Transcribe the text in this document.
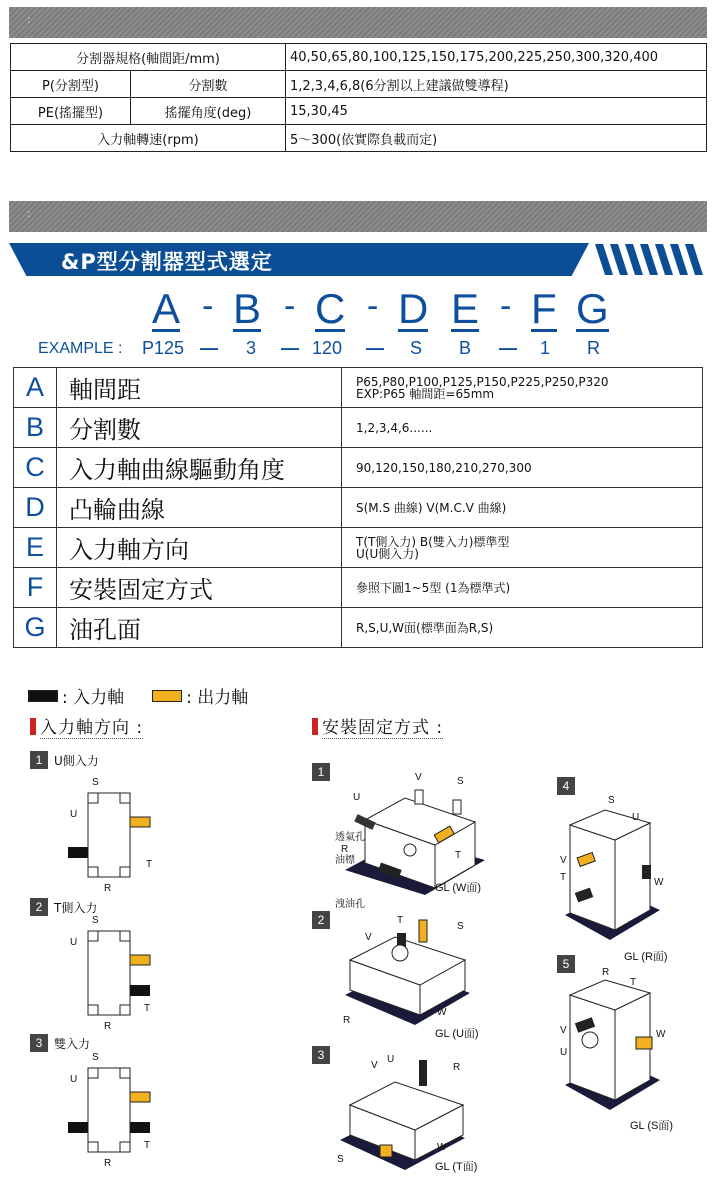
:
分割器規格(軸間距/mm)		40,50,65,80,100,125,150,175,200,225,250,300,320,400
P(分割型)	分割數	1,2,3,4,6,8(6分割以上建議做雙導程)
PE(搖擺型)	搖擺角度(deg)	15,30,45
入力軸轉速(rpm)		5～300(依實際負載而定)
:
&P型分割器型式選定
A - B - C - D E - F G
EXAMPLE : P125 — 3 — 120 — S B — 1 R
A	軸間距	P65,P80,P100,P125,P150,P225,P250,P320
EXP:P65 軸間距=65mm

B	分割數	1,2,3,4,6......
C	入力軸曲線驅動角度	90,120,150,180,210,270,300
D	凸輪曲線	S(M.S 曲線) V(M.C.V 曲線)
E	入力軸方向	T(T側入力) B(雙入力)標準型
U(U側入力)

F	安裝固定方式	參照下圖1~5型 (1為標準式)
G	油孔面	R,S,U,W面(標準面為R,S)
: 入力軸	: 出力軸
入力軸方向 :	安裝固定方式 :
1 U側入力
2 T側入力
3 雙入力
S
U
T
R
S
U
T
R
S
U
T
R
1
2
3
4
5
U
V	S
T
透氣孔
R
油標
洩油孔
GL (W面)
V
T
S
R
W
GL (U面)
V
U
R
S
W
GL (T面)
S
U
V
T	W
GL (R面)
R
T
V
U
W
GL (S面)
